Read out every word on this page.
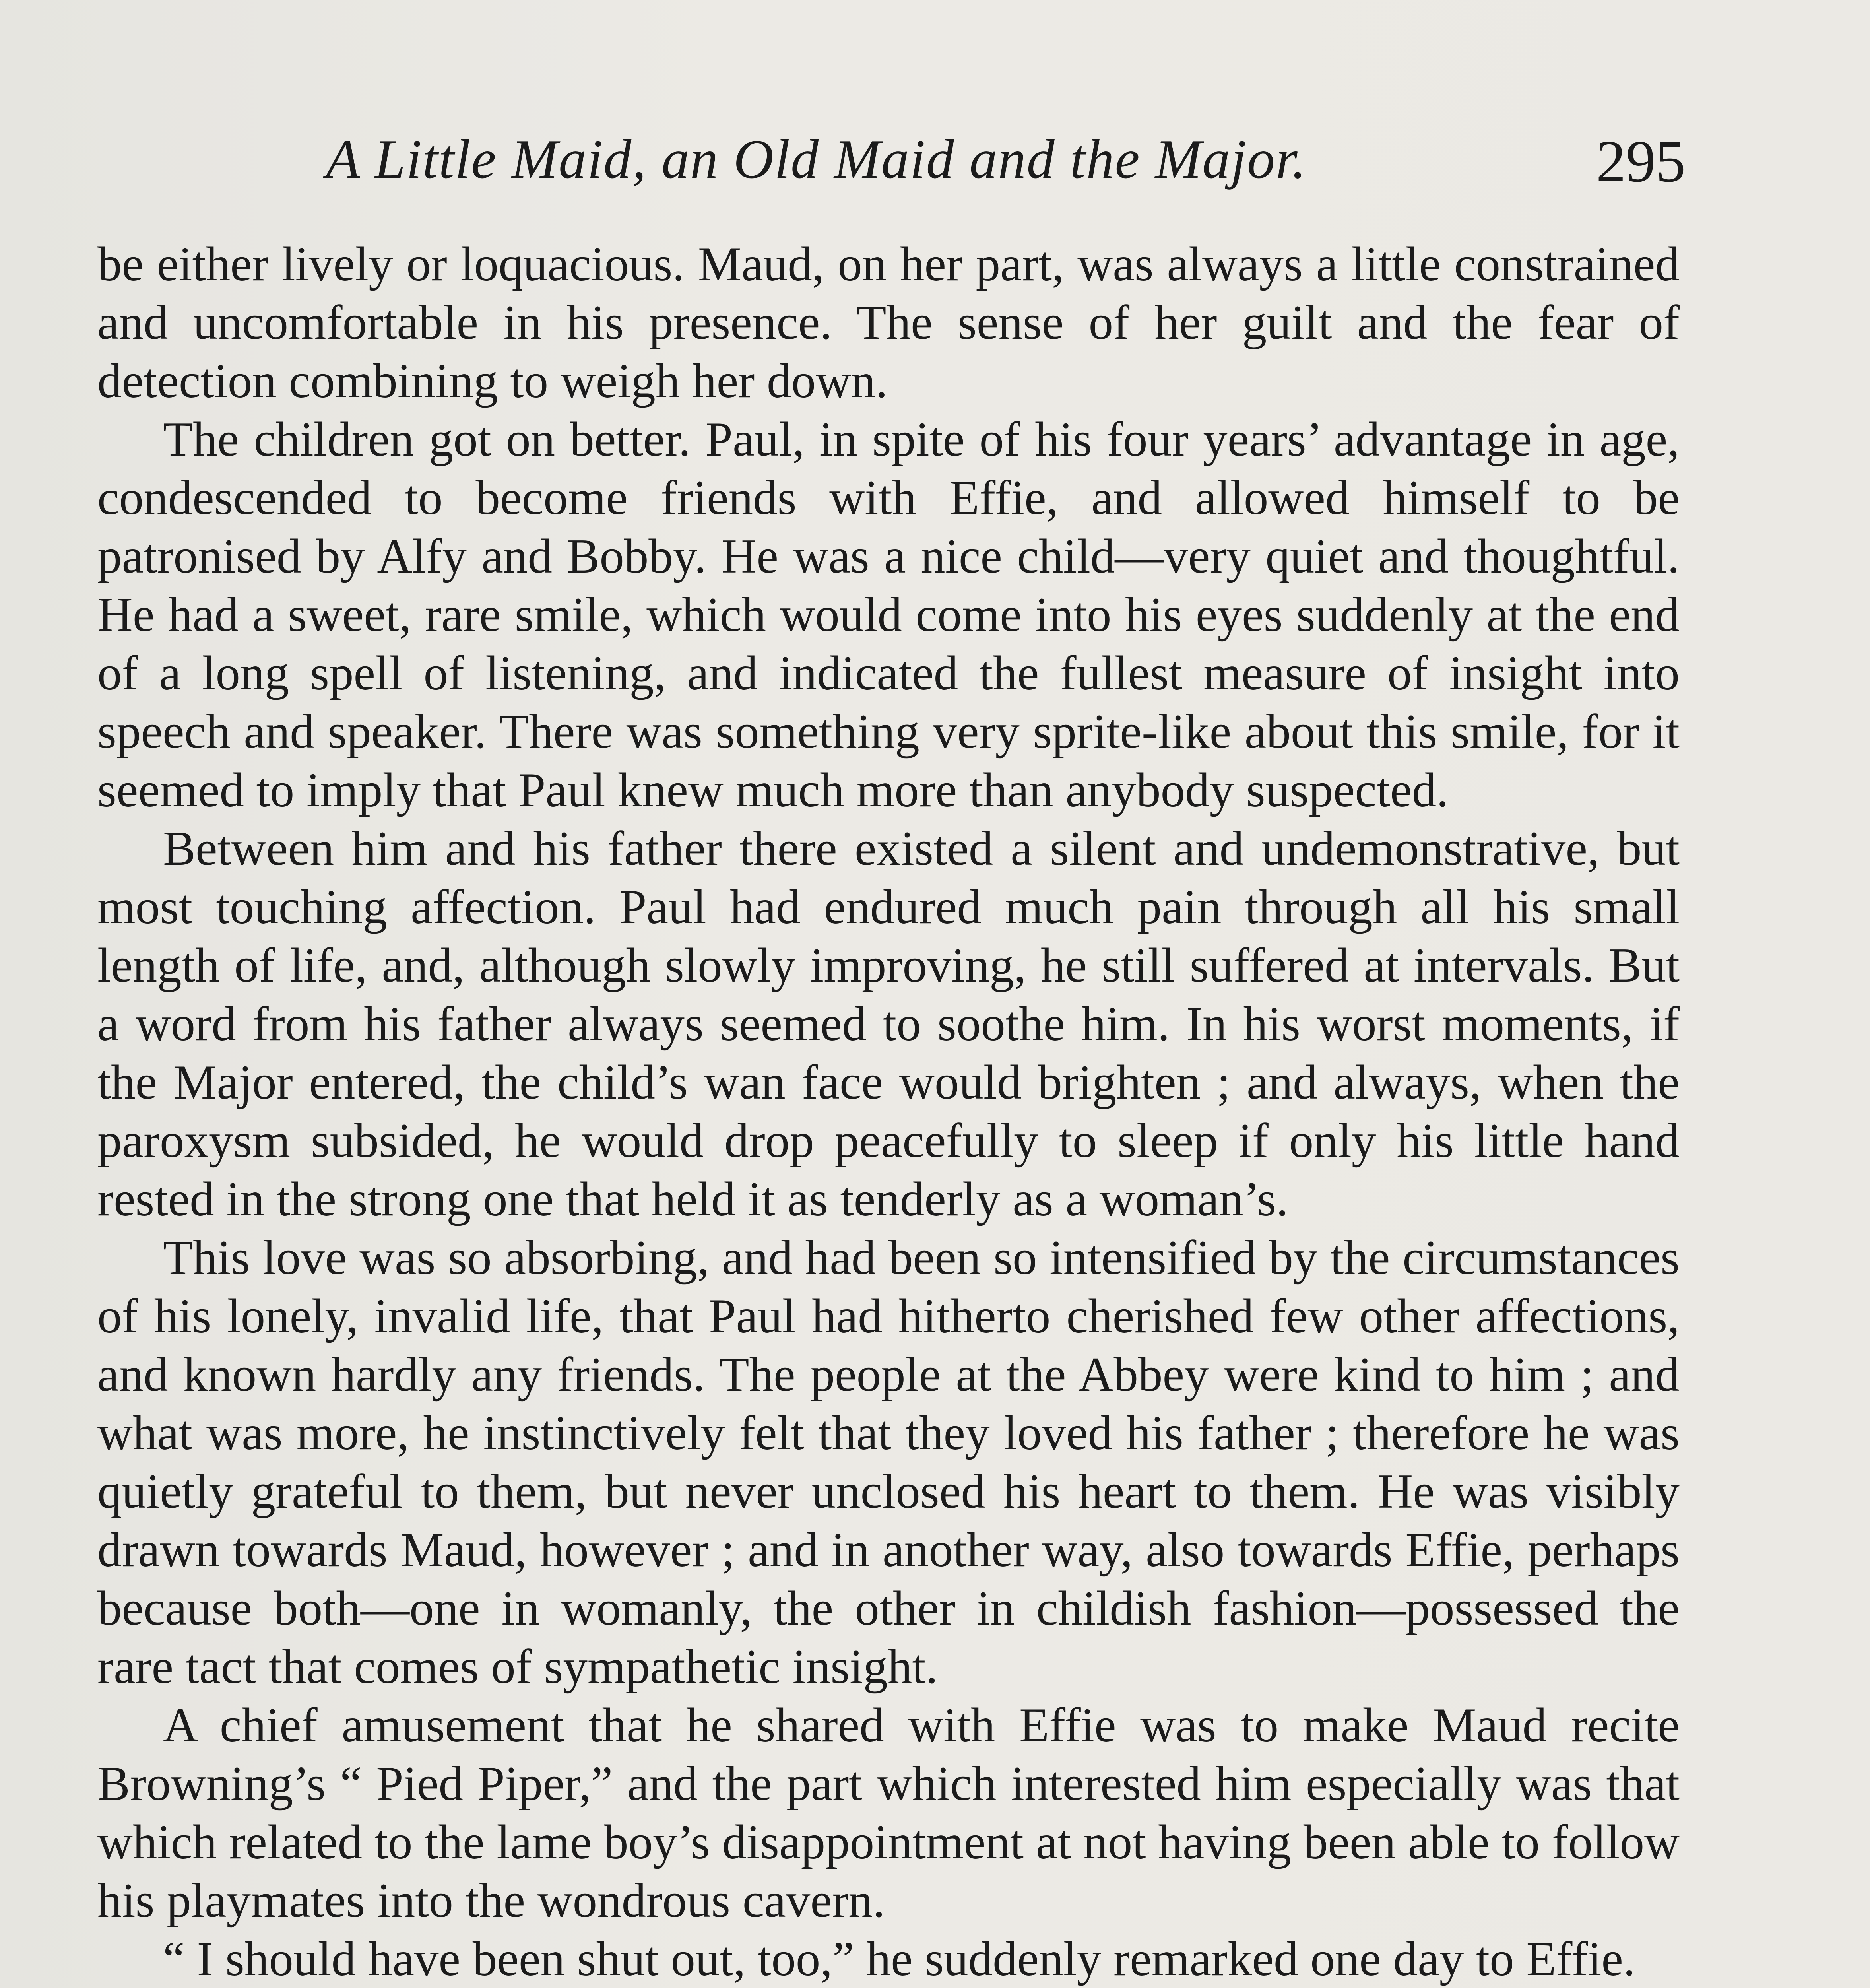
A Little Maid, an Old Maid and the Major.	295

be either lively or loquacious. Maud, on her part, was always a little constrained and uncomfortable in his presence. The sense of her guilt and the fear of detection combining to weigh her down.

The children got on better. Paul, in spite of his four years’ advantage in age, condescended to become friends with Effie, and allowed himself to be patronised by Alfy and Bobby. He was a nice child—very quiet and thoughtful. He had a sweet, rare smile, which would come into his eyes suddenly at the end of a long spell of listening, and indicated the fullest measure of insight into speech and speaker. There was something very sprite-like about this smile, for it seemed to imply that Paul knew much more than anybody suspected.

Between him and his father there existed a silent and undemonstrative, but most touching affection. Paul had endured much pain through all his small length of life, and, although slowly improving, he still suffered at intervals. But a word from his father always seemed to soothe him. In his worst moments, if the Major entered, the child’s wan face would brighten ; and always, when the paroxysm subsided, he would drop peacefully to sleep if only his little hand rested in the strong one that held it as tenderly as a woman’s.

This love was so absorbing, and had been so intensified by the circumstances of his lonely, invalid life, that Paul had hitherto cherished few other affections, and known hardly any friends. The people at the Abbey were kind to him ; and what was more, he instinctively felt that they loved his father ; therefore he was quietly grateful to them, but never unclosed his heart to them. He was visibly drawn towards Maud, however ; and in another way, also towards Effie, perhaps because both—one in womanly, the other in childish fashion—possessed the rare tact that comes of sympathetic insight.

A chief amusement that he shared with Effie was to make Maud recite Browning’s “ Pied Piper,” and the part which interested him especially was that which related to the lame boy’s disappointment at not having been able to follow his playmates into the wondrous cavern.

“ I should have been shut out, too,” he suddenly remarked one day to Effie.
